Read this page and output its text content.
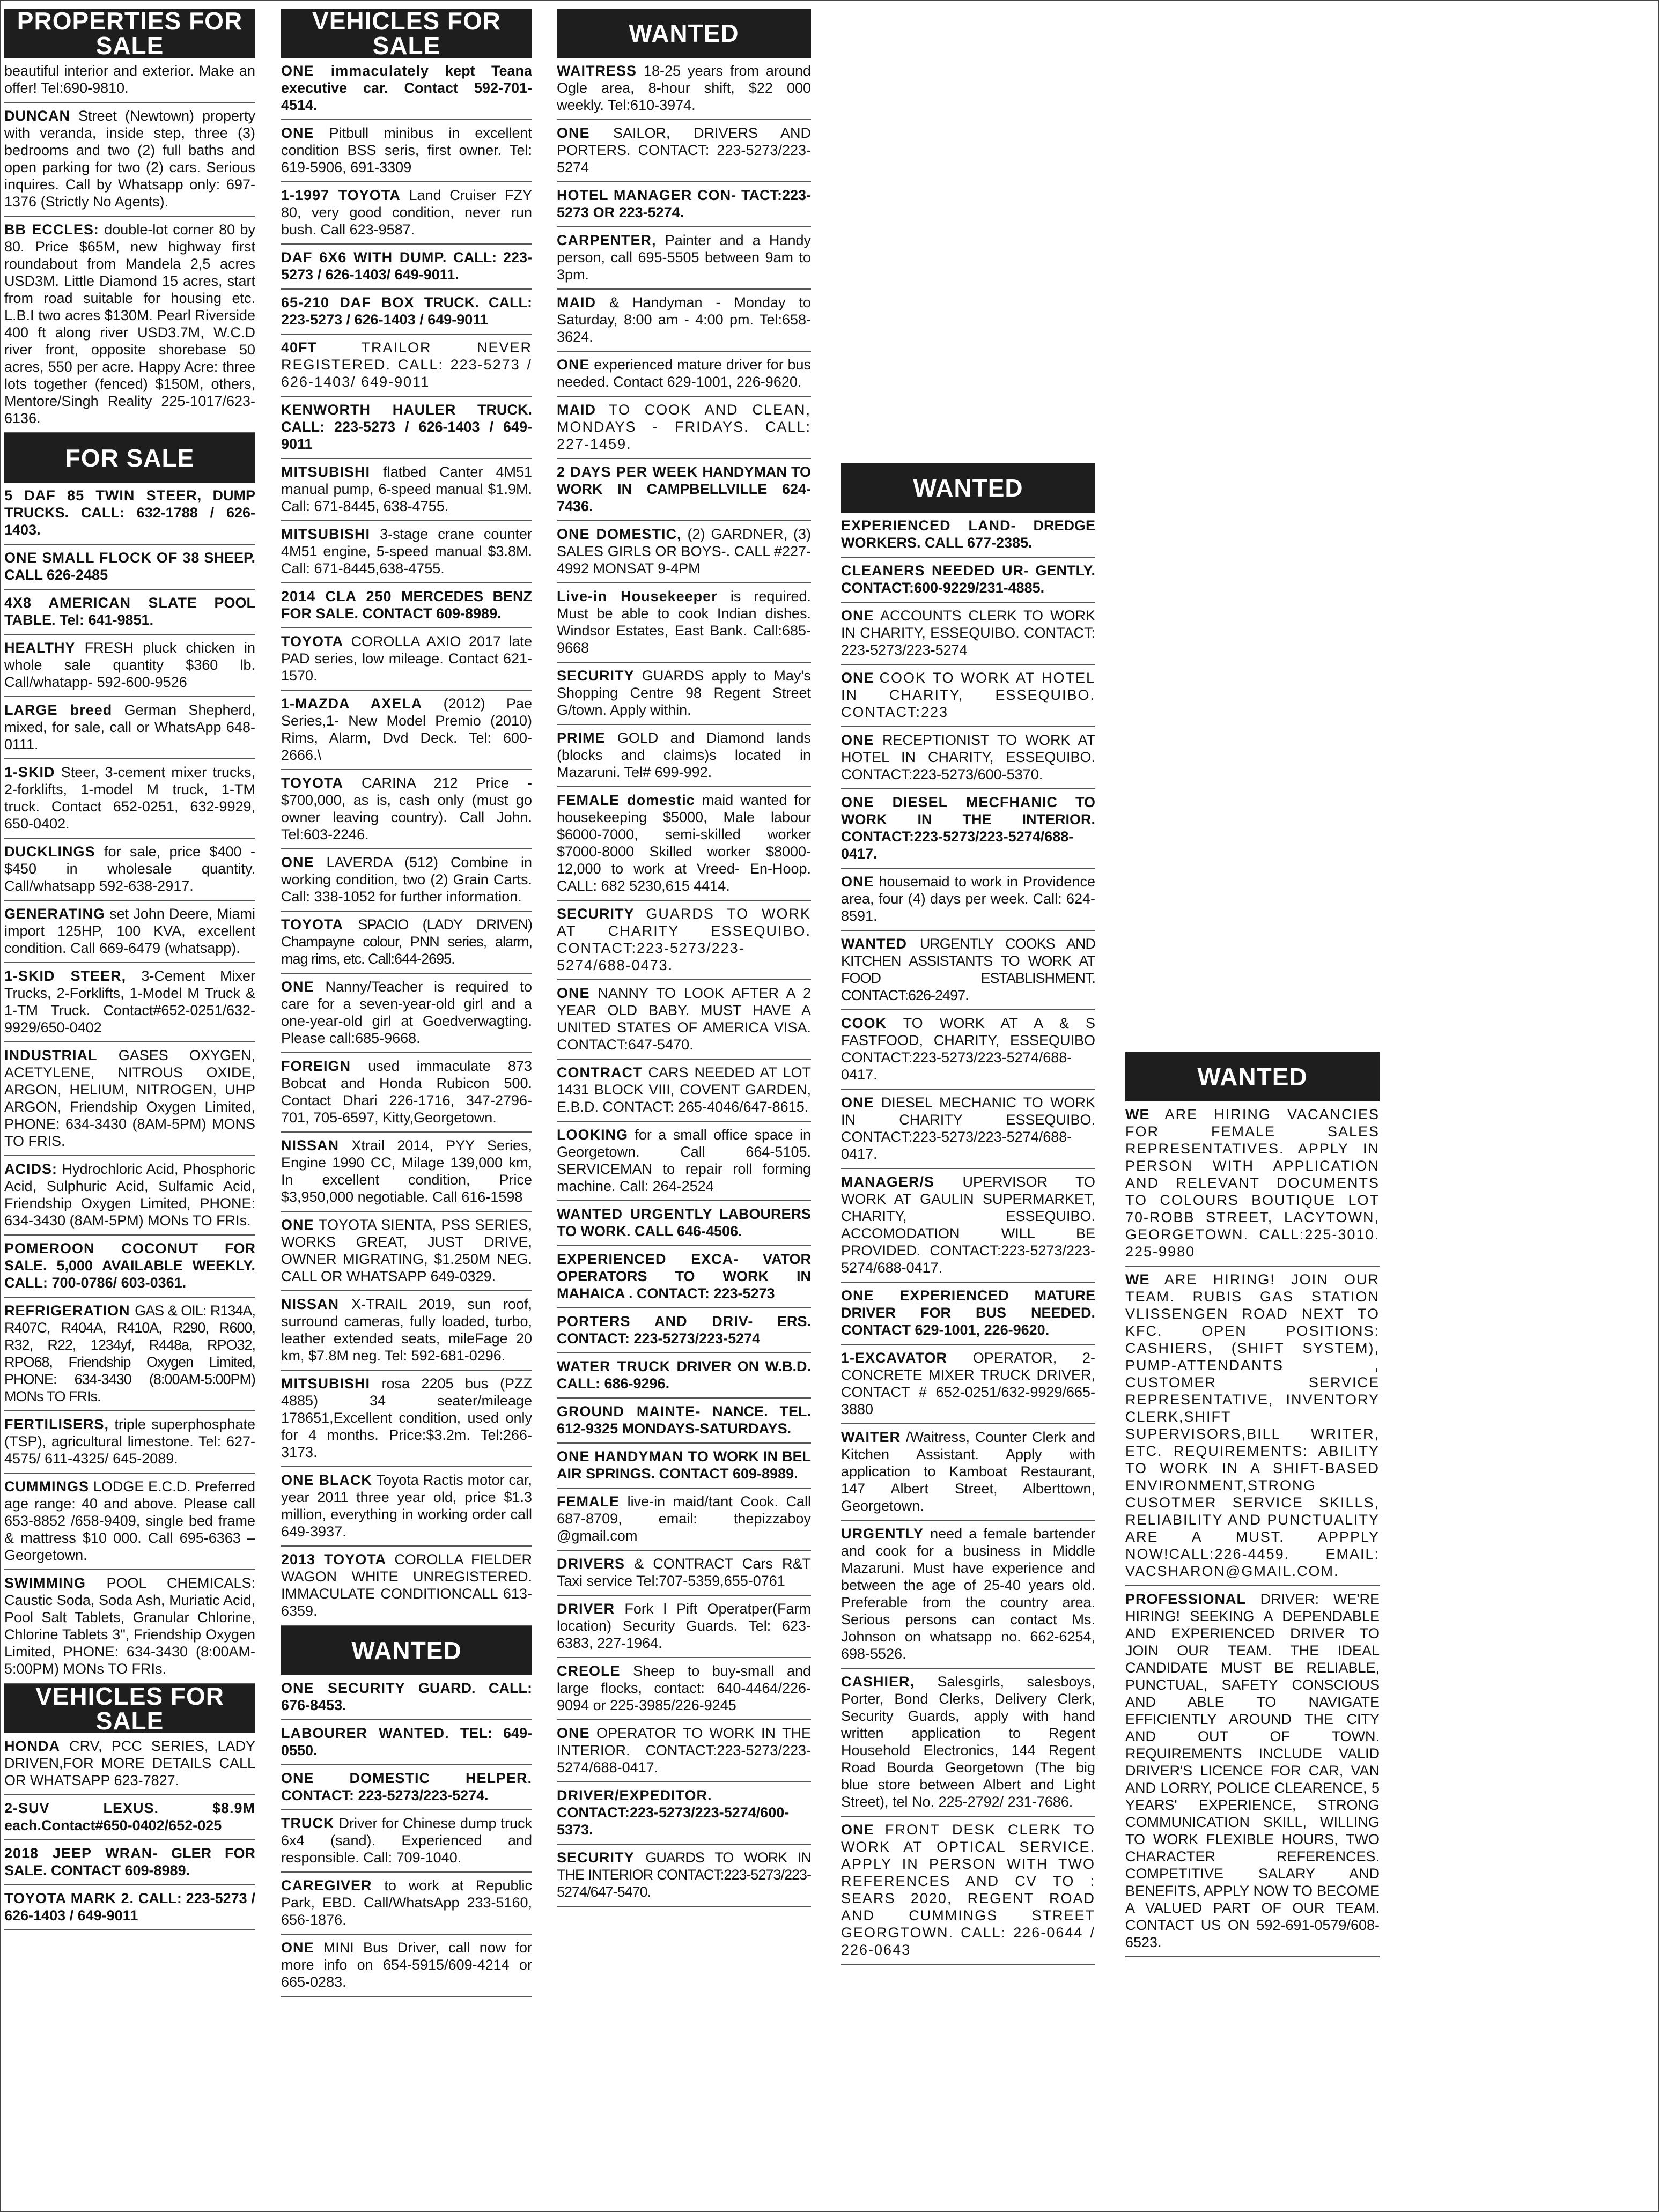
PROPERTIES FOR SALE
beautiful interior and exterior. Make an offer! Tel:690-9810.
DUNCAN Street (Newtown) property with veranda, inside step, three (3) bedrooms and two (2) full baths and open parking for two (2) cars. Serious inquires. Call by Whatsapp only: 697-1376 (Strictly No Agents).
BB ECCLES: double-lot corner 80 by 80. Price $65M, new highway first roundabout from Mandela 2,5 acres USD3M. Little Diamond 15 acres, start from road suitable for housing etc. L.B.I two acres $130M. Pearl Riverside 400 ft along river USD3.7M, W.C.D river front, opposite shorebase 50 acres, 550 per acre. Happy Acre: three lots together (fenced) $150M, others, Mentore/Singh Reality 225-1017/623-6136.
FOR SALE
5 DAF 85 TWIN STEER, DUMP TRUCKS. CALL: 632-1788 / 626-1403.
ONE SMALL FLOCK OF 38 SHEEP. CALL 626-2485
4X8 AMERICAN SLATE POOL TABLE. Tel: 641-9851.
HEALTHY FRESH pluck chicken in whole sale quantity $360 lb. Call/whatapp- 592-600-9526
LARGE breed German Shepherd, mixed, for sale, call or WhatsApp 648-0111.
1-SKID Steer, 3-cement mixer trucks, 2-forklifts, 1-model M truck, 1-TM truck. Contact 652-0251, 632-9929, 650-0402.
DUCKLINGS for sale, price $400 - $450 in wholesale quantity. Call/whatsapp 592-638-2917.
GENERATING set John Deere, Miami import 125HP, 100 KVA, excellent condition. Call 669-6479 (whatsapp).
1-SKID STEER, 3-Cement Mixer Trucks, 2-Forklifts, 1-Model M Truck & 1-TM Truck. Contact#652-0251/632-9929/650-0402
INDUSTRIAL GASES OXYGEN, ACETYLENE, NITROUS OXIDE, ARGON, HELIUM, NITROGEN, UHP ARGON, Friendship Oxygen Limited, PHONE: 634-3430 (8AM-5PM) MONS TO FRIS.
ACIDS: Hydrochloric Acid, Phosphoric Acid, Sulphuric Acid, Sulfamic Acid, Friendship Oxygen Limited, PHONE: 634-3430 (8AM-5PM) MONs TO FRIs.
POMEROON COCONUT FOR SALE. 5,000 AVAILABLE WEEKLY. CALL: 700-0786/ 603-0361.
REFRIGERATION GAS & OIL: R134A, R407C, R404A, R410A, R290, R600, R32, R22, 1234yf, R448a, RPO32, RPO68, Friendship Oxygen Limited, PHONE: 634-3430 (8:00AM-5:00PM) MONs TO FRIs.
FERTILISERS, triple superphosphate (TSP), agricultural limestone. Tel: 627-4575/ 611-4325/ 645-2089.
CUMMINGS LODGE E.C.D. Preferred age range: 40 and above. Please call 653-8852 /658-9409, single bed frame & mattress $10 000. Call 695-6363 – Georgetown.
SWIMMING POOL CHEMICALS: Caustic Soda, Soda Ash, Muriatic Acid, Pool Salt Tablets, Granular Chlorine, Chlorine Tablets 3", Friendship Oxygen Limited, PHONE: 634-3430 (8:00AM-5:00PM) MONs TO FRIs.
VEHICLES FOR SALE
HONDA CRV, PCC SERIES, LADY DRIVEN,FOR MORE DETAILS CALL OR WHATSAPP 623-7827.
2-SUV LEXUS. $8.9M each.Contact#650-0402/652-025
2018 JEEP WRAN- GLER FOR SALE. CONTACT 609-8989.
TOYOTA MARK 2. CALL: 223-5273 / 626-1403 / 649-9011
VEHICLES FOR SALE
ONE immaculately kept Teana executive car. Contact 592-701-4514.
ONE Pitbull minibus in excellent condition BSS seris, first owner. Tel: 619-5906, 691-3309
1-1997 TOYOTA Land Cruiser FZY 80, very good condition, never run bush. Call 623-9587.
DAF 6X6 WITH DUMP. CALL: 223-5273 / 626-1403/ 649-9011.
65-210 DAF BOX TRUCK. CALL: 223-5273 / 626-1403 / 649-9011
40FT	TRAILOR NEVER REGISTERED. CALL: 223-5273 / 626-1403/ 649-9011
KENWORTH HAULER TRUCK. CALL: 223-5273 / 626-1403 / 649-9011
MITSUBISHI flatbed Canter 4M51 manual pump, 6-speed manual $1.9M. Call: 671-8445, 638-4755.
MITSUBISHI 3-stage crane counter 4M51 engine, 5-speed manual $3.8M. Call: 671-8445,638-4755.
2014 CLA 250 MERCEDES BENZ FOR SALE. CONTACT 609-8989.
TOYOTA COROLLA AXIO 2017 late PAD series, low mileage. Contact 621-1570.
1-MAZDA AXELA (2012) Pae Series,1- New Model Premio (2010) Rims, Alarm, Dvd Deck. Tel: 600-2666.\
TOYOTA CARINA 212 Price - $700,000, as is, cash only (must go owner leaving country). Call John. Tel:603-2246.
ONE LAVERDA (512) Combine in working condition, two (2) Grain Carts. Call: 338-1052 for further information.
TOYOTA SPACIO (LADY DRIVEN) Champayne colour, PNN series, alarm, mag rims, etc. Call:644-2695.
ONE Nanny/Teacher is required to care for a seven-year-old girl and a one-year-old girl at Goedverwagting. Please call:685-9668.
FOREIGN used immaculate 873 Bobcat and Honda Rubicon 500. Contact Dhari 226-1716, 347-2796-701, 705-6597, Kitty,Georgetown.
NISSAN Xtrail 2014, PYY Series, Engine 1990 CC, Milage 139,000 km, In excellent condition, Price $3,950,000 negotiable. Call 616-1598
ONE TOYOTA SIENTA, PSS SERIES, WORKS GREAT, JUST DRIVE, OWNER MIGRATING, $1.250M NEG. CALL OR WHATSAPP 649-0329.
NISSAN X-TRAIL 2019, sun roof, surround cameras, fully loaded, turbo, leather extended seats, mileFage 20 km, $7.8M neg. Tel: 592-681-0296.
MITSUBISHI rosa 2205 bus (PZZ 4885) 34 seater/mileage 178651,Excellent condition, used only for 4 months. Price:$3.2m. Tel:266-3173.
ONE BLACK Toyota Ractis motor car, year 2011 three year old, price $1.3 million, everything in working order call 649-3937.
2013 TOYOTA COROLLA FIELDER WAGON WHITE UNREGISTERED. IMMACULATE CONDITIONCALL 613-6359.
WANTED
ONE SECURITY GUARD. CALL: 676-8453.
LABOURER WANTED. TEL: 649-0550.
ONE DOMESTIC HELPER. CONTACT: 223-5273/223-5274.
TRUCK Driver for Chinese dump truck 6x4 (sand). Experienced and responsible. Call: 709-1040.
CAREGIVER to work at Republic Park, EBD. Call/WhatsApp 233-5160, 656-1876.
ONE MINI Bus Driver, call now for more info on 654-5915/609-4214 or 665-0283.
WANTED
WAITRESS 18-25 years from around Ogle area, 8-hour shift, $22 000 weekly. Tel:610-3974.
ONE SAILOR, DRIVERS AND PORTERS. CONTACT: 223-5273/223-5274
HOTEL MANAGER CON- TACT:223-5273 OR 223-5274.
CARPENTER, Painter and a Handy person, call 695-5505 between 9am to 3pm.
MAID & Handyman - Monday to Saturday, 8:00 am - 4:00 pm. Tel:658-3624.
ONE experienced mature driver for bus needed. Contact 629-1001, 226-9620.
MAID TO COOK AND CLEAN, MONDAYS - FRIDAYS. CALL: 227-1459.
2 DAYS PER WEEK HANDYMAN TO WORK IN CAMPBELLVILLE 624-7436.
ONE DOMESTIC, (2) GARDNER, (3) SALES GIRLS OR BOYS-. CALL #227-4992 MONSAT 9-4PM
Live-in Housekeeper is required. Must be able to cook Indian dishes. Windsor Estates, East Bank. Call:685-9668
SECURITY GUARDS apply to May's Shopping Centre 98 Regent Street G/town. Apply within.
PRIME GOLD and Diamond lands (blocks and claims)s located in Mazaruni. Tel# 699-992.
FEMALE domestic maid wanted for housekeeping $5000, Male labour $6000-7000, semi-skilled worker $7000-8000 Skilled worker $8000-12,000 to work at Vreed- En-Hoop. CALL: 682 5230,615 4414.
SECURITY GUARDS TO WORK AT CHARITY ESSEQUIBO. CONTACT:223-5273/223-5274/688-0473.
ONE NANNY TO LOOK AFTER A 2 YEAR OLD BABY. MUST HAVE A UNITED STATES OF AMERICA VISA. CONTACT:647-5470.
CONTRACT CARS NEEDED AT LOT 1431 BLOCK VIII, COVENT GARDEN, E.B.D. CONTACT: 265-4046/647-8615.
LOOKING for a small office space in Georgetown. Call 664-5105. SERVICEMAN to repair roll forming machine. Call: 264-2524
WANTED URGENTLY LABOURERS TO WORK. CALL 646-4506.
EXPERIENCED EXCA- VATOR OPERATORS TO WORK IN MAHAICA . CONTACT: 223-5273
PORTERS AND DRIV- ERS. CONTACT: 223-5273/223-5274
WATER TRUCK DRIVER ON W.B.D. CALL: 686-9296.
GROUND MAINTE- NANCE. TEL. 612-9325 MONDAYS-SATURDAYS.
ONE HANDYMAN TO WORK IN BEL AIR SPRINGS. CONTACT 609-8989.
FEMALE live-in maid/tant Cook. Call 687-8709, email: thepizzaboy @gmail.com
DRIVERS & CONTRACT Cars R&T Taxi service Tel:707-5359,655-0761
DRIVER Fork l Pift Operatper(Farm location) Security Guards. Tel: 623-6383, 227-1964.
CREOLE Sheep to buy-small and large flocks, contact: 640-4464/226-9094 or 225-3985/226-9245
ONE OPERATOR TO WORK IN THE INTERIOR. CONTACT:223-5273/223-5274/688-0417.
DRIVER/EXPEDITOR. CONTACT:223-5273/223-5274/600-5373.
SECURITY GUARDS TO WORK IN THE INTERIOR CONTACT:223-5273/223-5274/647-5470.
WANTED
EXPERIENCED LAND- DREDGE WORKERS. CALL 677-2385.
CLEANERS NEEDED UR- GENTLY. CONTACT:600-9229/231-4885.
ONE ACCOUNTS CLERK TO WORK IN CHARITY, ESSEQUIBO. CONTACT: 223-5273/223-5274
ONE COOK TO WORK AT HOTEL IN CHARITY, ESSEQUIBO. CONTACT:223
ONE RECEPTIONIST TO WORK AT HOTEL IN CHARITY, ESSEQUIBO. CONTACT:223-5273/600-5370.
ONE DIESEL MECFHANIC TO WORK IN THE INTERIOR. CONTACT:223-5273/223-5274/688-0417.
ONE housemaid to work in Providence area, four (4) days per week. Call: 624-8591.
WANTED URGENTLY COOKS AND KITCHEN ASSISTANTS TO WORK AT FOOD ESTABLISHMENT. CONTACT:626-2497.
COOK TO WORK AT A & S FASTFOOD, CHARITY, ESSEQUIBO CONTACT:223-5273/223-5274/688-0417.
ONE DIESEL MECHANIC TO WORK IN CHARITY ESSEQUIBO. CONTACT:223-5273/223-5274/688-0417.
MANAGER/S UPERVISOR TO WORK AT GAULIN SUPERMARKET, CHARITY, ESSEQUIBO. ACCOMODATION WILL BE PROVIDED. CONTACT:223-5273/223-5274/688-0417.
ONE EXPERIENCED MATURE DRIVER FOR BUS NEEDED. CONTACT 629-1001, 226-9620.
1-EXCAVATOR OPERATOR, 2- CONCRETE MIXER TRUCK DRIVER, CONTACT # 652-0251/632-9929/665-3880
WAITER /Waitress, Counter Clerk and Kitchen Assistant. Apply with application to Kamboat Restaurant, 147 Albert Street, Alberttown, Georgetown.
URGENTLY need a female bartender and cook for a business in Middle Mazaruni. Must have experience and between the age of 25-40 years old. Preferable from the country area. Serious persons can contact Ms. Johnson on whatsapp no. 662-6254, 698-5526.
CASHIER, Salesgirls, salesboys, Porter, Bond Clerks, Delivery Clerk, Security Guards, apply with hand written application to Regent Household Electronics, 144 Regent Road Bourda Georgetown (The big blue store between Albert and Light Street), tel No. 225-2792/ 231-7686.
ONE FRONT DESK CLERK TO WORK AT OPTICAL SERVICE. APPLY IN PERSON WITH TWO REFERENCES AND CV TO : SEARS 2020, REGENT ROAD AND CUMMINGS STREET GEORGTOWN. CALL: 226-0644 / 226-0643
WANTED
WE ARE HIRING VACANCIES FOR FEMALE SALES REPRESENTATIVES. APPLY IN PERSON WITH APPLICATION AND RELEVANT DOCUMENTS TO COLOURS BOUTIQUE LOT 70-ROBB STREET, LACYTOWN, GEORGETOWN. CALL:225-3010. 225-9980
WE ARE HIRING! JOIN OUR TEAM. RUBIS GAS STATION VLISSENGEN ROAD NEXT TO KFC. OPEN POSITIONS: CASHIERS, (SHIFT SYSTEM), PUMP-ATTENDANTS , CUSTOMER SERVICE REPRESENTATIVE, INVENTORY CLERK,SHIFT SUPERVISORS,BILL WRITER, ETC. REQUIREMENTS: ABILITY TO WORK IN A SHIFT-BASED ENVIRONMENT,STRONG CUSOTMER SERVICE SKILLS, RELIABILITY AND PUNCTUALITY ARE A MUST. APPPLY NOW!CALL:226-4459. EMAIL: VACSHARON@GMAIL.COM.
PROFESSIONAL DRIVER: WE'RE HIRING! SEEKING A DEPENDABLE AND EXPERIENCED DRIVER TO JOIN OUR TEAM. THE IDEAL CANDIDATE MUST BE RELIABLE, PUNCTUAL, SAFETY CONSCIOUS AND ABLE TO NAVIGATE EFFICIENTLY AROUND THE CITY AND OUT OF TOWN. REQUIREMENTS INCLUDE VALID DRIVER'S LICENCE FOR CAR, VAN AND LORRY, POLICE CLEARENCE, 5 YEARS' EXPERIENCE, STRONG COMMUNICATION SKILL, WILLING TO WORK FLEXIBLE HOURS, TWO CHARACTER REFERENCES. COMPETITIVE SALARY AND BENEFITS, APPLY NOW TO BECOME A VALUED PART OF OUR TEAM. CONTACT US ON 592-691-0579/608-6523.
